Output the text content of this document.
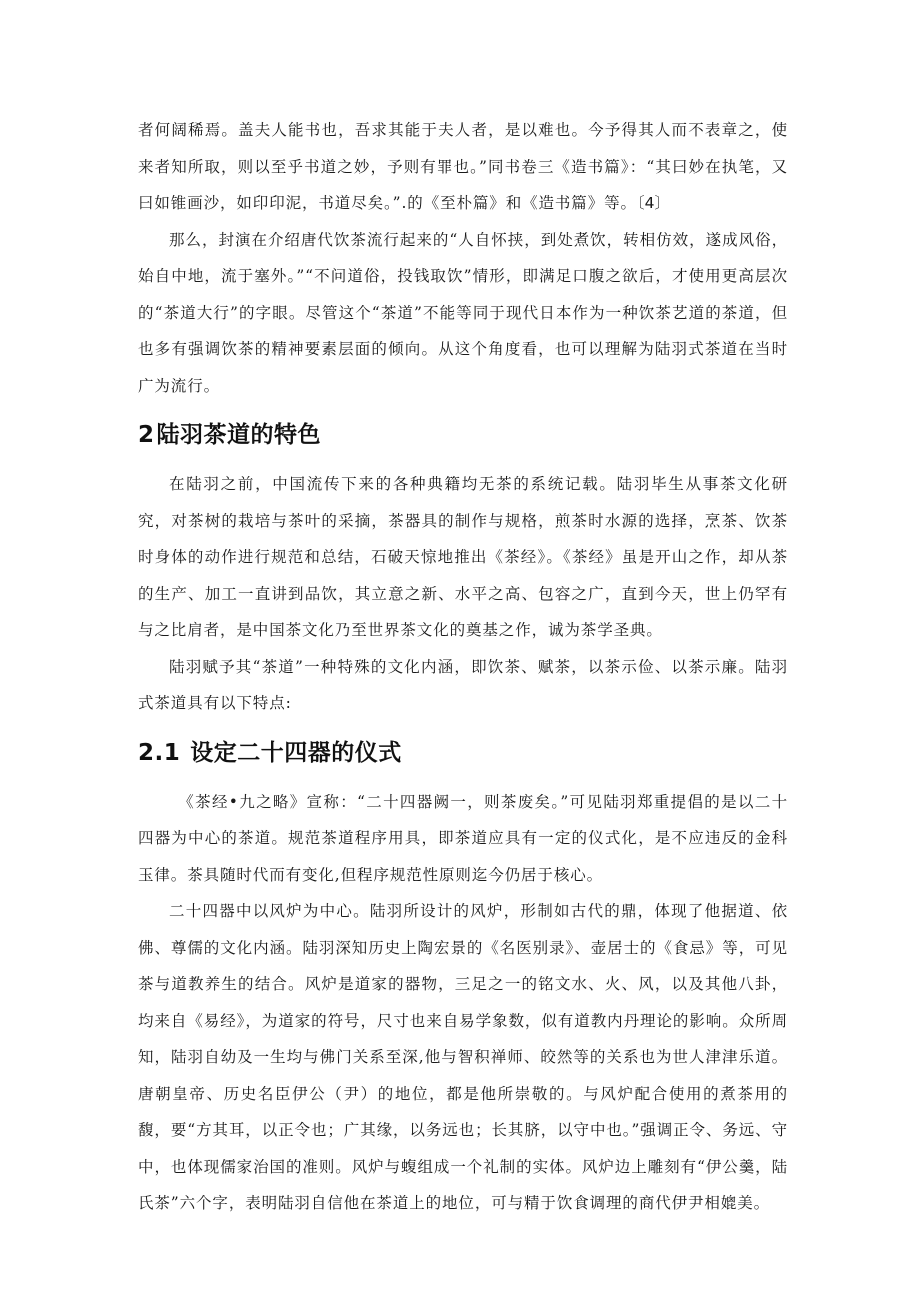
者何阔稀焉。盖夫人能书也，吾求其能于夫人者，是以难也。今予得其人而不表章之，使来者知所取，则以至乎书道之妙，予则有罪也。”同书卷三《造书篇》：“其曰妙在执笔，又曰如锥画沙，如印印泥，书道尽矣。”.的《至朴篇》和《造书篇》等。〔4〕

那么，封演在介绍唐代饮茶流行起来的“人自怀挟，到处煮饮，转相仿效，遂成风俗，始自中地，流于塞外。”“不问道俗，投钱取饮”情形，即满足口腹之欲后，才使用更高层次的“茶道大行”的字眼。尽管这个“茶道”不能等同于现代日本作为一种饮茶艺道的茶道，但也多有强调饮茶的精神要素层面的倾向。从这个角度看，也可以理解为陆羽式茶道在当时广为流行。

2陆羽茶道的特色

在陆羽之前，中国流传下来的各种典籍均无茶的系统记载。陆羽毕生从事茶文化研究，对茶树的栽培与茶叶的采摘，茶器具的制作与规格，煎茶时水源的选择，烹茶、饮茶时身体的动作进行规范和总结，石破天惊地推出《茶经》。《茶经》虽是开山之作，却从茶的生产、加工一直讲到品饮，其立意之新、水平之高、包容之广，直到今天，世上仍罕有与之比肩者，是中国茶文化乃至世界茶文化的奠基之作，诚为茶学圣典。

陆羽赋予其“茶道”一种特殊的文化内涵，即饮茶、赋茶，以茶示俭、以茶示廉。陆羽式茶道具有以下特点:

2.1 设定二十四器的仪式

《茶经•九之略》宣称：“二十四器阙一，则茶废矣。”可见陆羽郑重提倡的是以二十四器为中心的茶道。规范茶道程序用具，即茶道应具有一定的仪式化，是不应违反的金科玉律。茶具随时代而有变化,但程序规范性原则迄今仍居于核心。

二十四器中以风炉为中心。陆羽所设计的风炉，形制如古代的鼎，体现了他据道、依佛、尊儒的文化内涵。陆羽深知历史上陶宏景的《名医别录》、壶居士的《食忌》等，可见茶与道教养生的结合。风炉是道家的器物，三足之一的铭文水、火、风，以及其他八卦，均来自《易经》，为道家的符号，尺寸也来自易学象数，似有道教内丹理论的影响。众所周知，陆羽自幼及一生均与佛门关系至深,他与智积禅师、皎然等的关系也为世人津津乐道。唐朝皇帝、历史名臣伊公（尹）的地位，都是他所崇敬的。与风炉配合使用的煮茶用的馥，要“方其耳，以正令也；广其缘，以务远也；长其脐，以守中也。”强调正令、务远、守中，也体现儒家治国的准则。风炉与蝮组成一个礼制的实体。风炉边上雕刻有“伊公羹，陆氏茶”六个字，表明陆羽自信他在茶道上的地位，可与精于饮食调理的商代伊尹相媲美。
